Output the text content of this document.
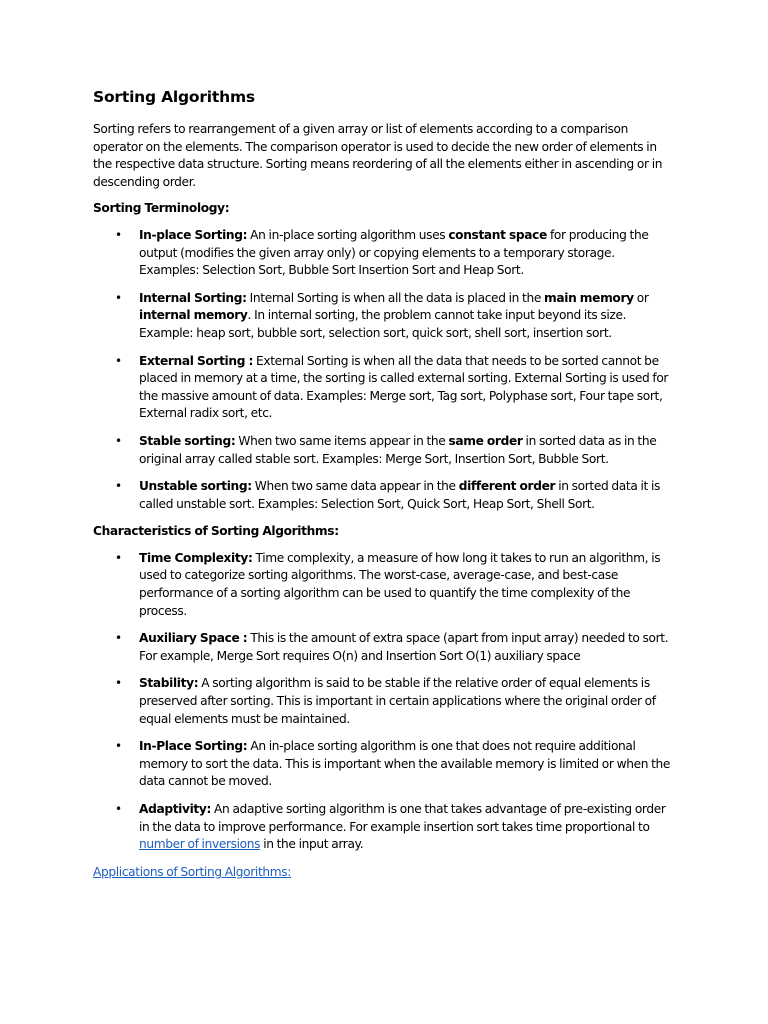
Sorting Algorithms

Sorting refers to rearrangement of a given array or list of elements according to a comparison operator on the elements. The comparison operator is used to decide the new order of elements in the respective data structure. Sorting means reordering of all the elements either in ascending or in descending order.

Sorting Terminology:

• In-place Sorting: An in-place sorting algorithm uses constant space for producing the output (modifies the given array only) or copying elements to a temporary storage. Examples: Selection Sort, Bubble Sort Insertion Sort and Heap Sort.
• Internal Sorting: Internal Sorting is when all the data is placed in the main memory or internal memory. In internal sorting, the problem cannot take input beyond its size. Example: heap sort, bubble sort, selection sort, quick sort, shell sort, insertion sort.
• External Sorting : External Sorting is when all the data that needs to be sorted cannot be placed in memory at a time, the sorting is called external sorting. External Sorting is used for the massive amount of data. Examples: Merge sort, Tag sort, Polyphase sort, Four tape sort, External radix sort, etc.
• Stable sorting: When two same items appear in the same order in sorted data as in the original array called stable sort. Examples: Merge Sort, Insertion Sort, Bubble Sort.
• Unstable sorting: When two same data appear in the different order in sorted data it is called unstable sort. Examples: Selection Sort, Quick Sort, Heap Sort, Shell Sort.

Characteristics of Sorting Algorithms:

• Time Complexity: Time complexity, a measure of how long it takes to run an algorithm, is used to categorize sorting algorithms. The worst-case, average-case, and best-case performance of a sorting algorithm can be used to quantify the time complexity of the process.
• Auxiliary Space : This is the amount of extra space (apart from input array) needed to sort. For example, Merge Sort requires O(n) and Insertion Sort O(1) auxiliary space
• Stability: A sorting algorithm is said to be stable if the relative order of equal elements is preserved after sorting. This is important in certain applications where the original order of equal elements must be maintained.
• In-Place Sorting: An in-place sorting algorithm is one that does not require additional memory to sort the data. This is important when the available memory is limited or when the data cannot be moved.
• Adaptivity: An adaptive sorting algorithm is one that takes advantage of pre-existing order in the data to improve performance. For example insertion sort takes time proportional to number of inversions in the input array.

Applications of Sorting Algorithms:
